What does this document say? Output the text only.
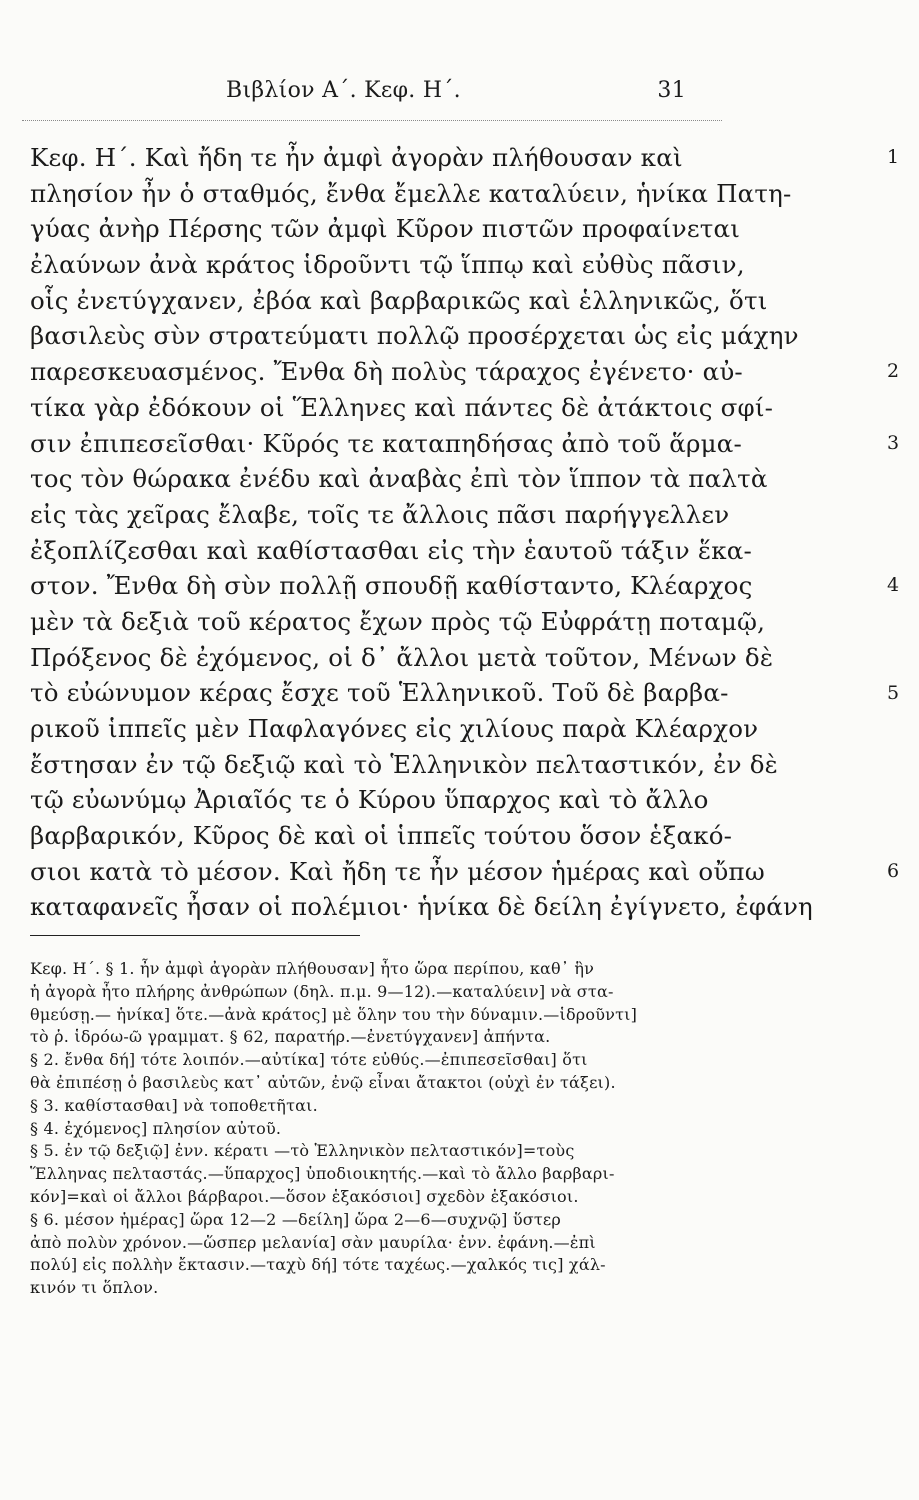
Βιβλίον Α΄. Κεφ. Η΄.	31
Κεφ. Η΄. Καὶ ἤδη τε ἦν ἀμφὶ ἀγορὰν πλήθουσαν καὶ
πλησίον ἦν ὁ σταθμός, ἔνθα ἔμελλε καταλύειν, ἡνίκα Πατη-
γύας ἀνὴρ Πέρσης τῶν ἀμφὶ Κῦρον πιστῶν προφαίνεται
ἐλαύνων ἀνὰ κράτος ἱδροῦντι τῷ ἵππῳ καὶ εὐθὺς πᾶσιν,
οἷς ἐνετύγχανεν, ἐβόα καὶ βαρβαρικῶς καὶ ἑλληνικῶς, ὅτι
βασιλεὺς σὺν στρατεύματι πολλῷ προσέρχεται ὡς εἰς μάχην
παρεσκευασμένος. Ἔνθα δὴ πολὺς τάραχος ἐγένετο· αὐ-
τίκα γὰρ ἐδόκουν οἱ Ἕλληνες καὶ πάντες δὲ ἀτάκτοις σφί-
σιν ἐπιπεσεῖσθαι· Κῦρός τε καταπηδήσας ἀπὸ τοῦ ἅρμα-
τος τὸν θώρακα ἐνέδυ καὶ ἀναβὰς ἐπὶ τὸν ἵππον τὰ παλτὰ
εἰς τὰς χεῖρας ἔλαβε, τοῖς τε ἄλλοις πᾶσι παρήγγελλεν
ἐξοπλίζεσθαι καὶ καθίστασθαι εἰς τὴν ἑαυτοῦ τάξιν ἕκα-
στον. Ἔνθα δὴ σὺν πολλῇ σπουδῇ καθίσταντο, Κλέαρχος
μὲν τὰ δεξιὰ τοῦ κέρατος ἔχων πρὸς τῷ Εὐφράτῃ ποταμῷ,
Πρόξενος δὲ ἐχόμενος, οἱ δ᾽ ἄλλοι μετὰ τοῦτον, Μένων δὲ
τὸ εὐώνυμον κέρας ἔσχε τοῦ Ἑλληνικοῦ. Τοῦ δὲ βαρβα-
ρικοῦ ἱππεῖς μὲν Παφλαγόνες εἰς χιλίους παρὰ Κλέαρχον
ἔστησαν ἐν τῷ δεξιῷ καὶ τὸ Ἑλληνικὸν πελταστικόν, ἐν δὲ
τῷ εὐωνύμῳ Ἀριαῖός τε ὁ Κύρου ὕπαρχος καὶ τὸ ἄλλο
βαρβαρικόν, Κῦρος δὲ καὶ οἱ ἱππεῖς τούτου ὅσον ἑξακό-
σιοι κατὰ τὸ μέσον. Καὶ ἤδη τε ἦν μέσον ἡμέρας καὶ οὔπω
καταφανεῖς ἦσαν οἱ πολέμιοι· ἡνίκα δὲ δείλη ἐγίγνετο, ἐφάνη
1
2
3
4
5
6
Κεφ. Η΄. § 1. ἦν ἀμφὶ ἀγορὰν πλήθουσαν] ἦτο ὥρα περίπου, καθ᾽ ἣν
ἡ ἀγορὰ ἦτο πλήρης ἀνθρώπων (δηλ. π.μ. 9—12).—καταλύειν] νὰ στα-
θμεύσῃ.— ἡνίκα] ὅτε.—ἀνὰ κράτος] μὲ ὅλην του τὴν δύναμιν.—ἱδροῦντι]
τὸ ῥ. ἱδρόω-ῶ γραμματ. § 62, παρατήρ.—ἐνετύγχανεν] ἀπήντα.
§ 2. ἔνθα δή] τότε λοιπόν.—αὐτίκα] τότε εὐθύς.—ἐπιπεσεῖσθαι] ὅτι
θὰ ἐπιπέσῃ ὁ βασιλεὺς κατ᾽ αὐτῶν, ἐνῷ εἶναι ἄτακτοι (οὐχὶ ἐν τάξει).
§ 3. καθίστασθαι] νὰ τοποθετῆται.
§ 4. ἐχόμενος] πλησίον αὐτοῦ.
§ 5. ἐν τῷ δεξιῷ] ἐνν. κέρατι —τὸ Ἑλληνικὸν πελταστικόν]=τοὺς
Ἕλληνας πελταστάς.—ὕπαρχος] ὑποδιοικητής.—καὶ τὸ ἄλλο βαρβαρι-
κόν]=καὶ οἱ ἄλλοι βάρβαροι.—ὅσον ἑξακόσιοι] σχεδὸν ἑξακόσιοι.
§ 6. μέσον ἡμέρας] ὥρα 12—2 —δείλη] ὥρα 2—6—συχνῷ] ὕστερ
ἀπὸ πολὺν χρόνον.—ὥσπερ μελανία] σὰν μαυρίλα· ἐνν. ἐφάνη.—ἐπὶ
πολύ] εἰς πολλὴν ἔκτασιν.—ταχὺ δή] τότε ταχέως.—χαλκός τις] χάλ-
κινόν τι ὅπλον.
